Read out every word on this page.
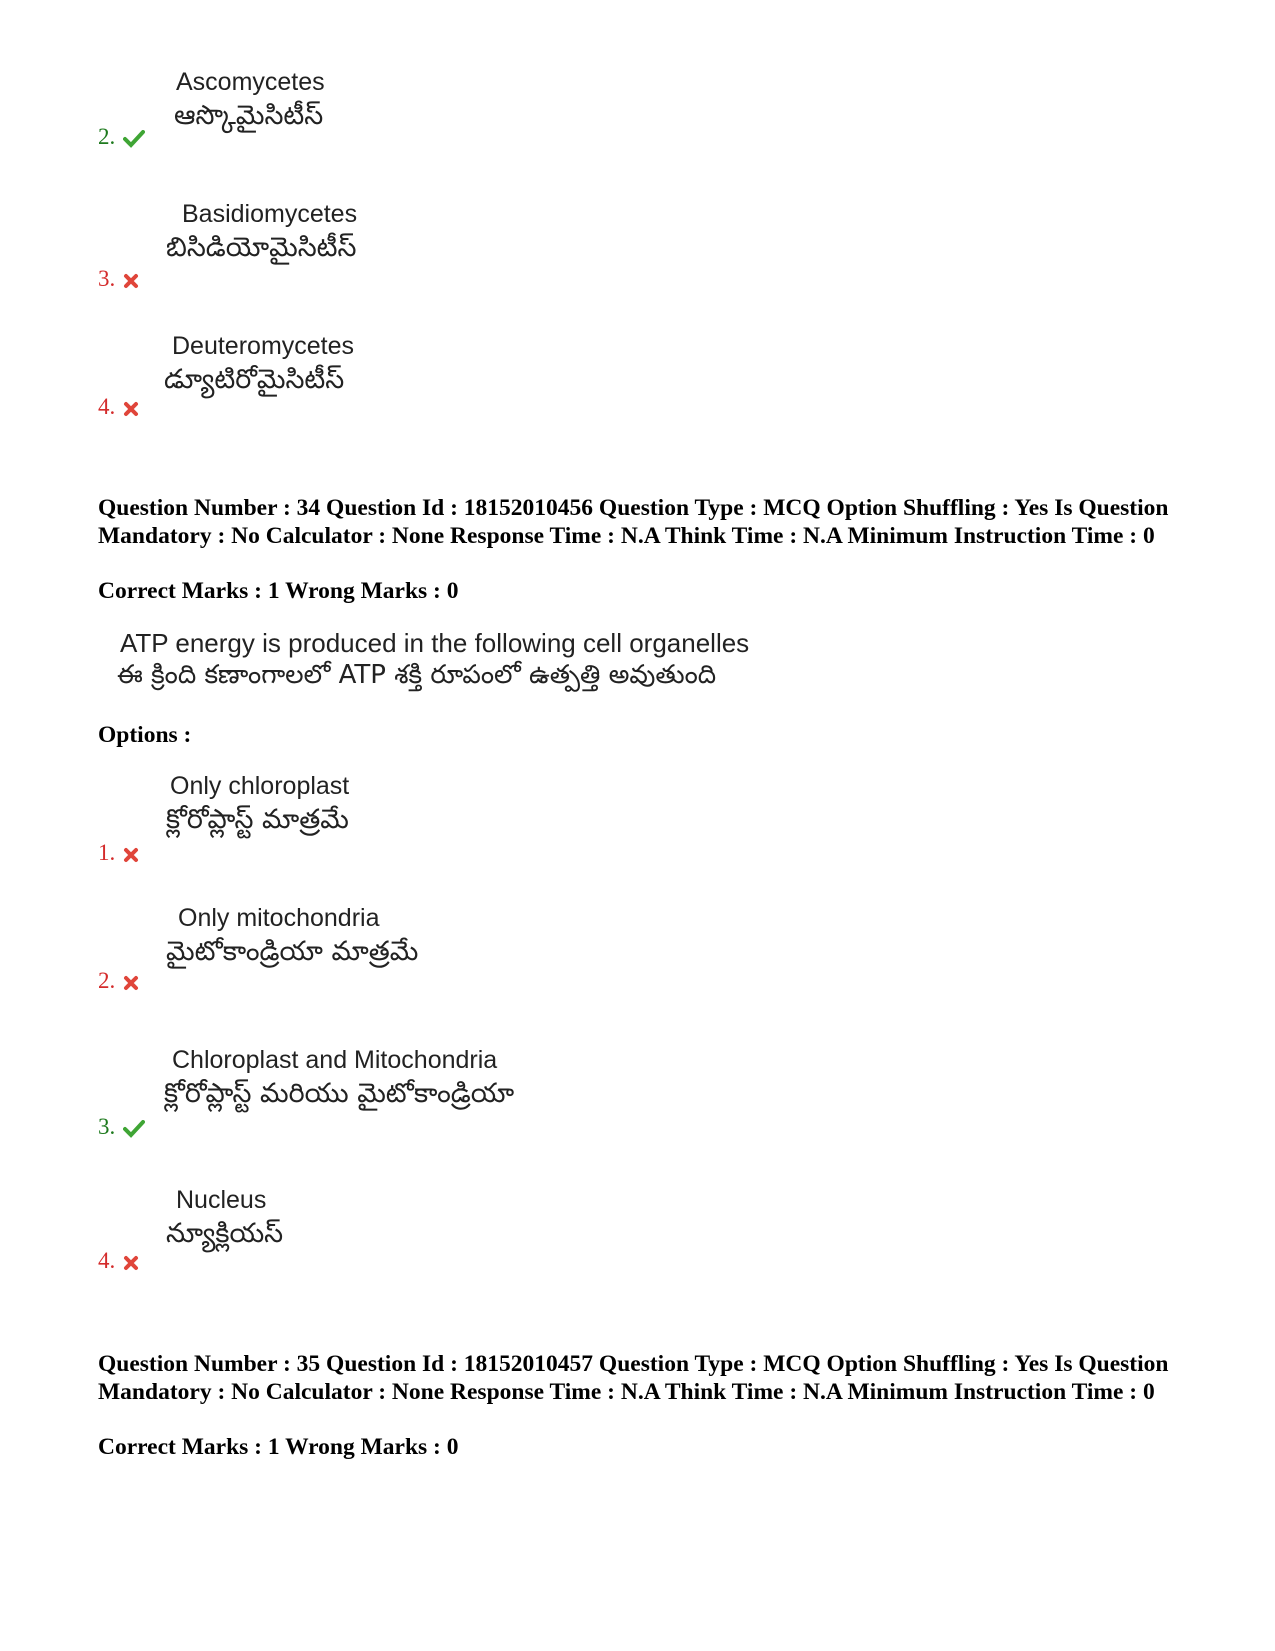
Ascomycetes
ఆస్కొమైసిటీస్
2.
Basidiomycetes
బిసిడియోమైసిటీస్
3.
Deuteromycetes
డ్యూటిరోమైసిటీస్
4.
Question Number : 34 Question Id : 18152010456 Question Type : MCQ Option Shuffling : Yes Is Question Mandatory : No Calculator : None Response Time : N.A Think Time : N.A Minimum Instruction Time : 0
Correct Marks : 1 Wrong Marks : 0
ATP energy is produced in the following cell organelles
ఈ క్రింది కణాంగాలలో ATP శక్తి రూపంలో ఉత్పత్తి అవుతుంది
Options :
Only chloroplast
క్లోరోప్లాస్ట్ మాత్రమే
1.
Only mitochondria
మైటోకాండ్రియా మాత్రమే
2.
Chloroplast and Mitochondria
క్లోరోప్లాస్ట్ మరియు మైటోకాండ్రియా
3.
Nucleus
న్యూక్లియస్
4.
Question Number : 35 Question Id : 18152010457 Question Type : MCQ Option Shuffling : Yes Is Question Mandatory : No Calculator : None Response Time : N.A Think Time : N.A Minimum Instruction Time : 0
Correct Marks : 1 Wrong Marks : 0
